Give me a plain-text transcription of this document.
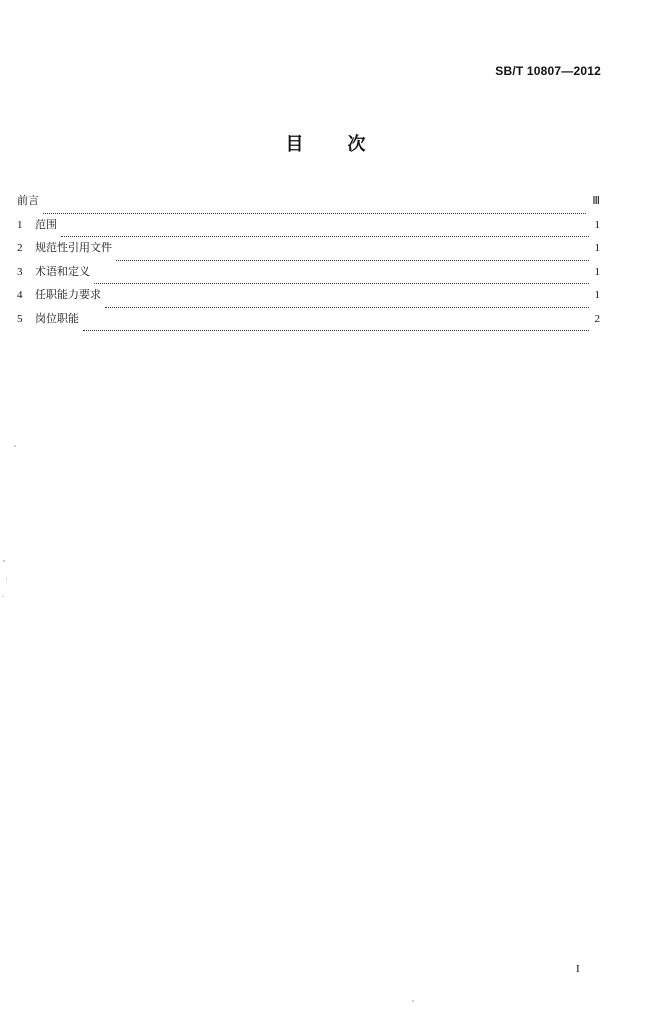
SB/T 10807—2012
目 次
前言	Ⅲ
1	范围	1
2	规范性引用文件	1
3	术语和定义	1
4	任职能力要求	1
5	岗位职能	2
I
